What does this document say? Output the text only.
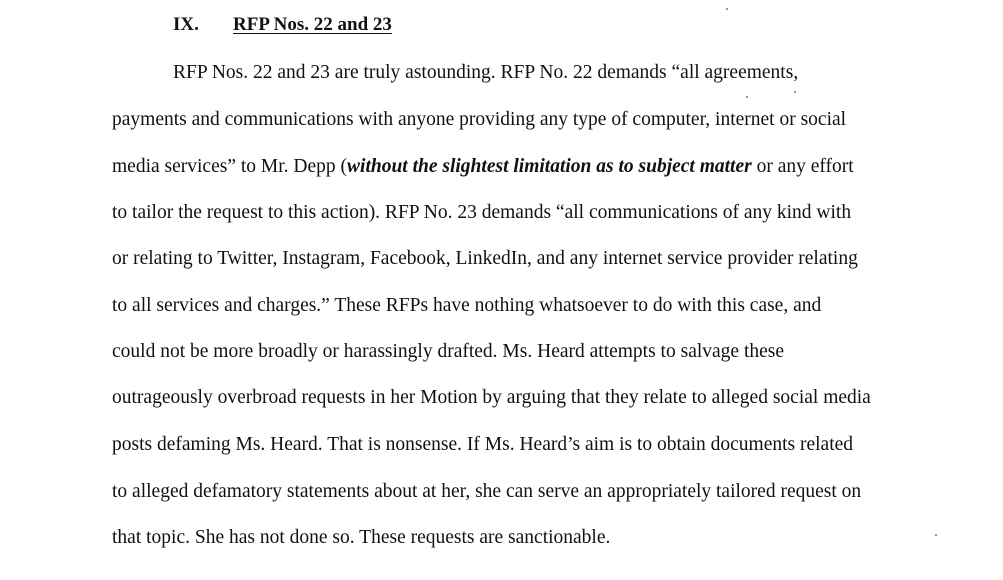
IX. RFP Nos. 22 and 23
RFP Nos. 22 and 23 are truly astounding. RFP No. 22 demands “all agreements,
payments and communications with anyone providing any type of computer, internet or social
media services” to Mr. Depp (without the slightest limitation as to subject matter or any effort
to tailor the request to this action). RFP No. 23 demands “all communications of any kind with
or relating to Twitter, Instagram, Facebook, LinkedIn, and any internet service provider relating
to all services and charges.” These RFPs have nothing whatsoever to do with this case, and
could not be more broadly or harassingly drafted. Ms. Heard attempts to salvage these
outrageously overbroad requests in her Motion by arguing that they relate to alleged social media
posts defaming Ms. Heard. That is nonsense. If Ms. Heard’s aim is to obtain documents related
to alleged defamatory statements about at her, she can serve an appropriately tailored request on
that topic. She has not done so. These requests are sanctionable.
